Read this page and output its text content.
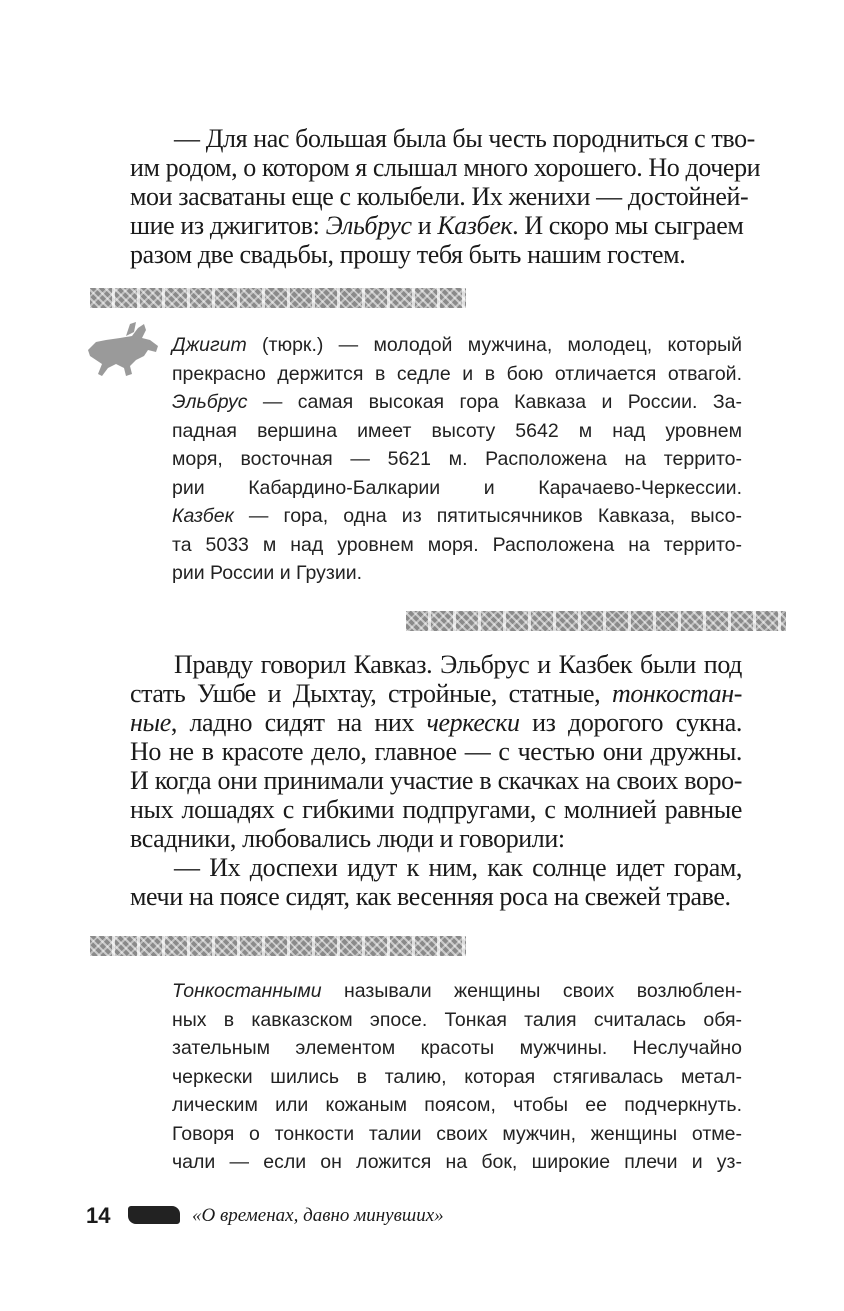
— Для нас большая была бы честь породниться с тво-
им родом, о котором я слышал много хорошего. Но дочери
мои засватаны еще с колыбели. Их женихи — достойней-
шие из джигитов: Эльбрус и Казбек. И скоро мы сыграем
разом две свадьбы, прошу тебя быть нашим гостем.
Джигит (тюрк.) — молодой мужчина, молодец, который
прекрасно держится в седле и в бою отличается отвагой.
Эльбрус — самая высокая гора Кавказа и России. За-
падная вершина имеет высоту 5642 м над уровнем
моря, восточная — 5621 м. Расположена на террито-
рии Кабардино-Балкарии и Карачаево-Черкессии.
Казбек — гора, одна из пятитысячников Кавказа, высо-
та 5033 м над уровнем моря. Расположена на террито-
рии России и Грузии.
Правду говорил Кавказ. Эльбрус и Казбек были под
стать Ушбе и Дыхтау, стройные, статные, тонкостан-
ные, ладно сидят на них черкески из дорогого сукна.
Но не в красоте дело, главное — с честью они дружны.
И когда они принимали участие в скачках на своих воро-
ных лошадях с гибкими подпругами, с молнией равные
всадники, любовались люди и говорили:
— Их доспехи идут к ним, как солнце идет горам,
мечи на поясе сидят, как весенняя роса на свежей траве.
Тонкостанными называли женщины своих возлюблен-
ных в кавказском эпосе. Тонкая талия считалась обя-
зательным элементом красоты мужчины. Неслучайно
черкески шились в талию, которая стягивалась метал-
лическим или кожаным поясом, чтобы ее подчеркнуть.
Говоря о тонкости талии своих мужчин, женщины отме-
чали — если он ложится на бок, широкие плечи и уз-
14	«О временах, давно минувших»
